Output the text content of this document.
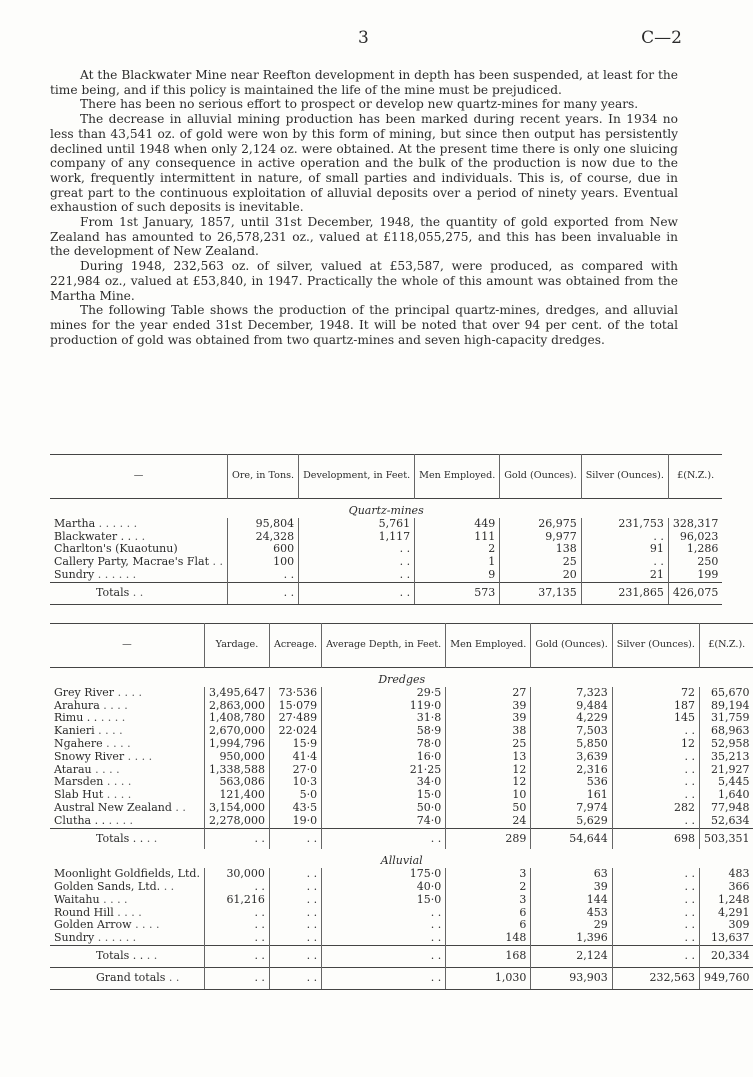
3	C—2

At the Blackwater Mine near Reefton development in depth has been suspended, at least for the time being, and if this policy is maintained the life of the mine must be prejudiced.

There has been no serious effort to prospect or develop new quartz-mines for many years.

The decrease in alluvial mining production has been marked during recent years. In 1934 no less than 43,541 oz. of gold were won by this form of mining, but since then output has persistently declined until 1948 when only 2,124 oz. were obtained. At the present time there is only one sluicing company of any consequence in active operation and the bulk of the production is now due to the work, frequently intermittent in nature, of small parties and individuals. This is, of course, due in great part to the continuous exploitation of alluvial deposits over a period of ninety years. Eventual exhaustion of such deposits is inevitable.

From 1st January, 1857, until 31st December, 1948, the quantity of gold exported from New Zealand has amounted to 26,578,231 oz., valued at £118,055,275, and this has been invaluable in the development of New Zealand.

During 1948, 232,563 oz. of silver, valued at £53,587, were produced, as compared with 221,984 oz., valued at £53,840, in 1947. Practically the whole of this amount was obtained from the Martha Mine.

The following Table shows the production of the principal quartz-mines, dredges, and alluvial mines for the year ended 31st December, 1948. It will be noted that over 94 per cent. of the total production of gold was obtained from two quartz-mines and seven high-capacity dredges.

—	Ore, in Tons.	Development, in Feet.	Men Employed.	Gold (Ounces).	Silver (Ounces).	£(N.Z.).
Quartz-mines						
Martha . . . . . .	95,804	5,761	449	26,975	231,753	328,317
Blackwater . . . .	24,328	1,117	111	9,977	. .	96,023
Charlton's (Kuaotunu)	600	. .	2	138	91	1,286
Callery Party, Macrae's Flat . .	100	. .	1	25	. .	250
Sundry . . . . . .	. .	. .	9	20	21	199
Totals . .	. .	. .	573	37,135	231,865	426,075
—	Yardage.	Acreage.	Average Depth, in Feet.	Men Employed.	Gold (Ounces).	Silver (Ounces).	£(N.Z.).
Dredges							
Grey River . . . .	3,495,647	73·536	29·5	27	7,323	72	65,670
Arahura . . . .	2,863,000	15·079	119·0	39	9,484	187	89,194
Rimu . . . . . .	1,408,780	27·489	31·8	39	4,229	145	31,759
Kanieri . . . .	2,670,000	22·024	58·9	38	7,503	. .	68,963
Ngahere . . . .	1,994,796	15·9	78·0	25	5,850	12	52,958
Snowy River . . . .	950,000	41·4	16·0	13	3,639	. .	35,213
Atarau . . . .	1,338,588	27·0	21·25	12	2,316	. .	21,927
Marsden . . . .	563,086	10·3	34·0	12	536	. .	5,445
Slab Hut . . . .	121,400	5·0	15·0	10	161	. .	1,640
Austral New Zealand . .	3,154,000	43·5	50·0	50	7,974	282	77,948
Clutha . . . . . .	2,278,000	19·0	74·0	24	5,629	. .	52,634
Totals . . . .	. .	. .	. .	289	54,644	698	503,351
Alluvial							
Moonlight Goldfields, Ltd.	30,000	. .	175·0	3	63	. .	483
Golden Sands, Ltd. . .	. .	. .	40·0	2	39	. .	366
Waitahu . . . .	61,216	. .	15·0	3	144	. .	1,248
Round Hill . . . .	. .	. .	. .	6	453	. .	4,291
Golden Arrow . . . .	. .	. .	. .	6	29	. .	309
Sundry . . . . . .	. .	. .	. .	148	1,396	. .	13,637
Totals . . . .	. .	. .	. .	168	2,124	. .	20,334
Grand totals . .	. .	. .	. .	1,030	93,903	232,563	949,760
